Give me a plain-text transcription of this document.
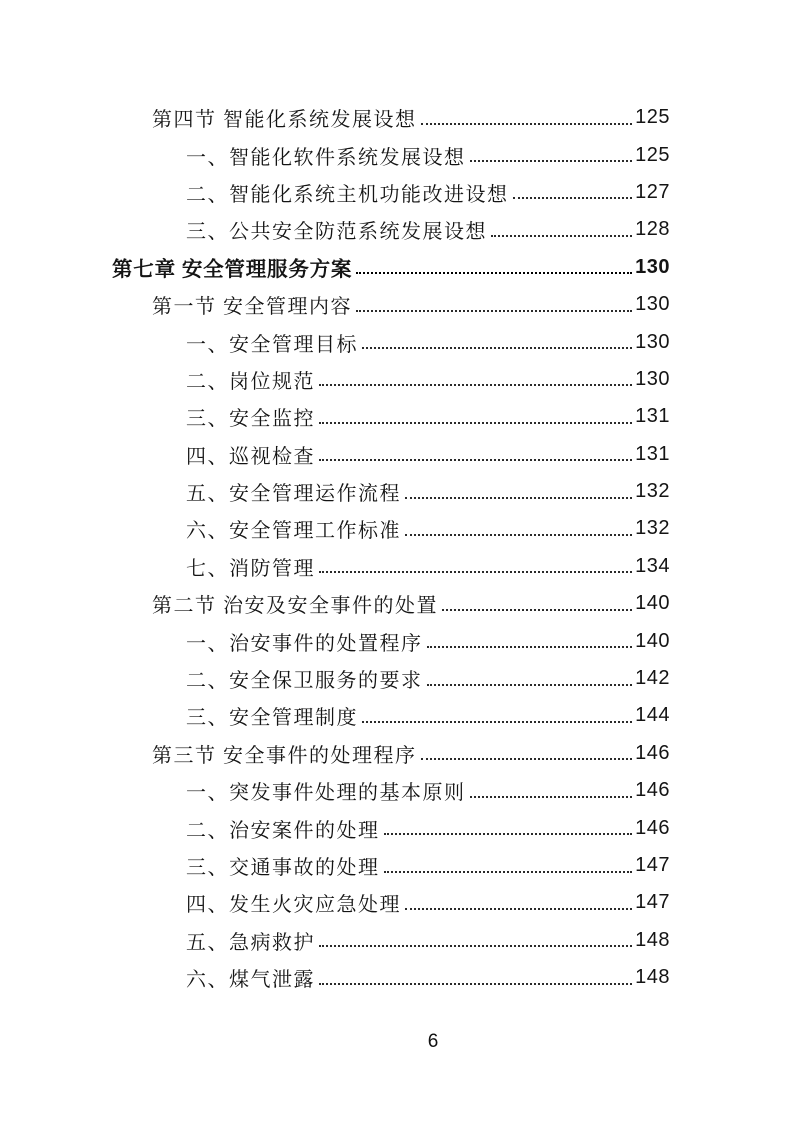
第四节 智能化系统发展设想	125
一、智能化软件系统发展设想	125
二、智能化系统主机功能改进设想	127
三、公共安全防范系统发展设想	128
第七章 安全管理服务方案	130
第一节 安全管理内容	130
一、安全管理目标	130
二、岗位规范	130
三、安全监控	131
四、巡视检查	131
五、安全管理运作流程	132
六、安全管理工作标准	132
七、消防管理	134
第二节 治安及安全事件的处置	140
一、治安事件的处置程序	140
二、安全保卫服务的要求	142
三、安全管理制度	144
第三节 安全事件的处理程序	146
一、突发事件处理的基本原则	146
二、治安案件的处理	146
三、交通事故的处理	147
四、发生火灾应急处理	147
五、急病救护	148
六、煤气泄露	148
6
